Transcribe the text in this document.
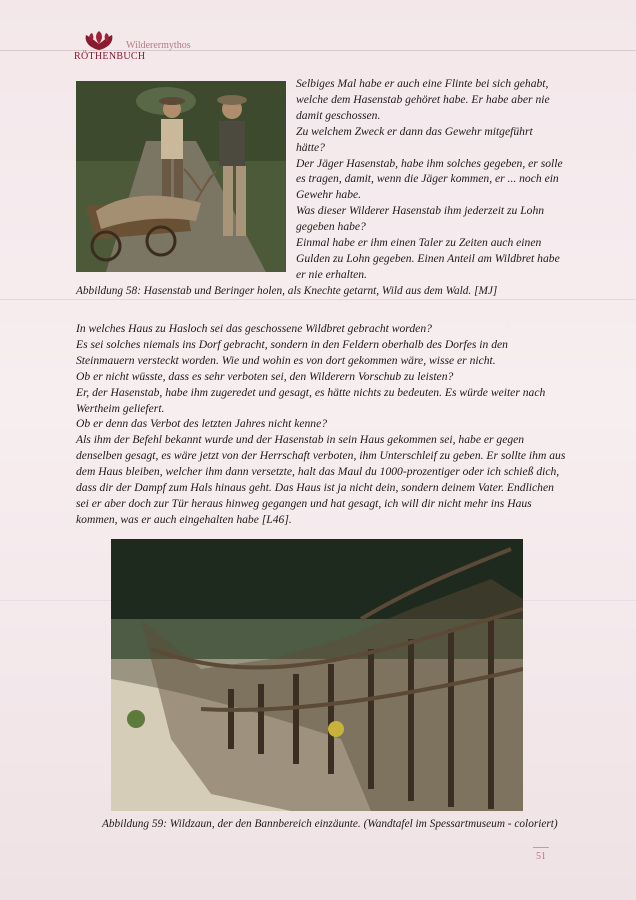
RÖTHENBUCH
Wilderermythos

Selbiges Mal habe er auch eine Flinte bei sich gehabt, welche dem Hasenstab gehöret habe. Er habe aber nie damit geschossen.

Zu welchem Zweck er dann das Gewehr mitgeführt hätte?

Der Jäger Hasenstab, habe ihm solches gegeben, er solle es tragen, damit, wenn die Jäger kommen, er ... noch ein Gewehr habe.

Was dieser Wilderer Hasenstab ihm jederzeit zu Lohn gegeben habe?

Einmal habe er ihm einen Taler zu Zeiten auch einen Gulden zu Lohn gegeben. Einen Anteil am Wildbret habe er nie erhalten.

Abbildung 58: Hasenstab und Beringer holen, als Knechte getarnt, Wild aus dem Wald. [MJ]

In welches Haus zu Hasloch sei das geschossene Wildbret gebracht worden?

Es sei solches niemals ins Dorf gebracht, sondern in den Feldern oberhalb des Dorfes in den Steinmauern versteckt worden. Wie und wohin es von dort gekommen wäre, wisse er nicht.

Ob er nicht wüsste, dass es sehr verboten sei, den Wilderern Vorschub zu leisten?

Er, der Hasenstab, habe ihm zugeredet und gesagt, es hätte nichts zu bedeuten. Es würde weiter nach Wertheim geliefert.

Ob er denn das Verbot des letzten Jahres nicht kenne?

Als ihm der Befehl bekannt wurde und der Hasenstab in sein Haus gekommen sei, habe er gegen denselben gesagt, es wäre jetzt von der Herrschaft verboten, ihm Unterschleif zu geben. Er sollte ihm aus dem Haus bleiben, welcher ihm dann versetzte, halt das Maul du 1000-prozentiger oder ich schieß dich, dass dir der Dampf zum Hals hinaus geht. Das Haus ist ja nicht dein, sondern deinem Vater. Endlichen sei er aber doch zur Tür heraus hinweg gegangen und hat gesagt, ich will dir nicht mehr ins Haus kommen, was er auch eingehalten habe [L46].

Abbildung 59: Wildzaun, der den Bannbereich einzäunte. (Wandtafel im Spessartmuseum - coloriert)
51
